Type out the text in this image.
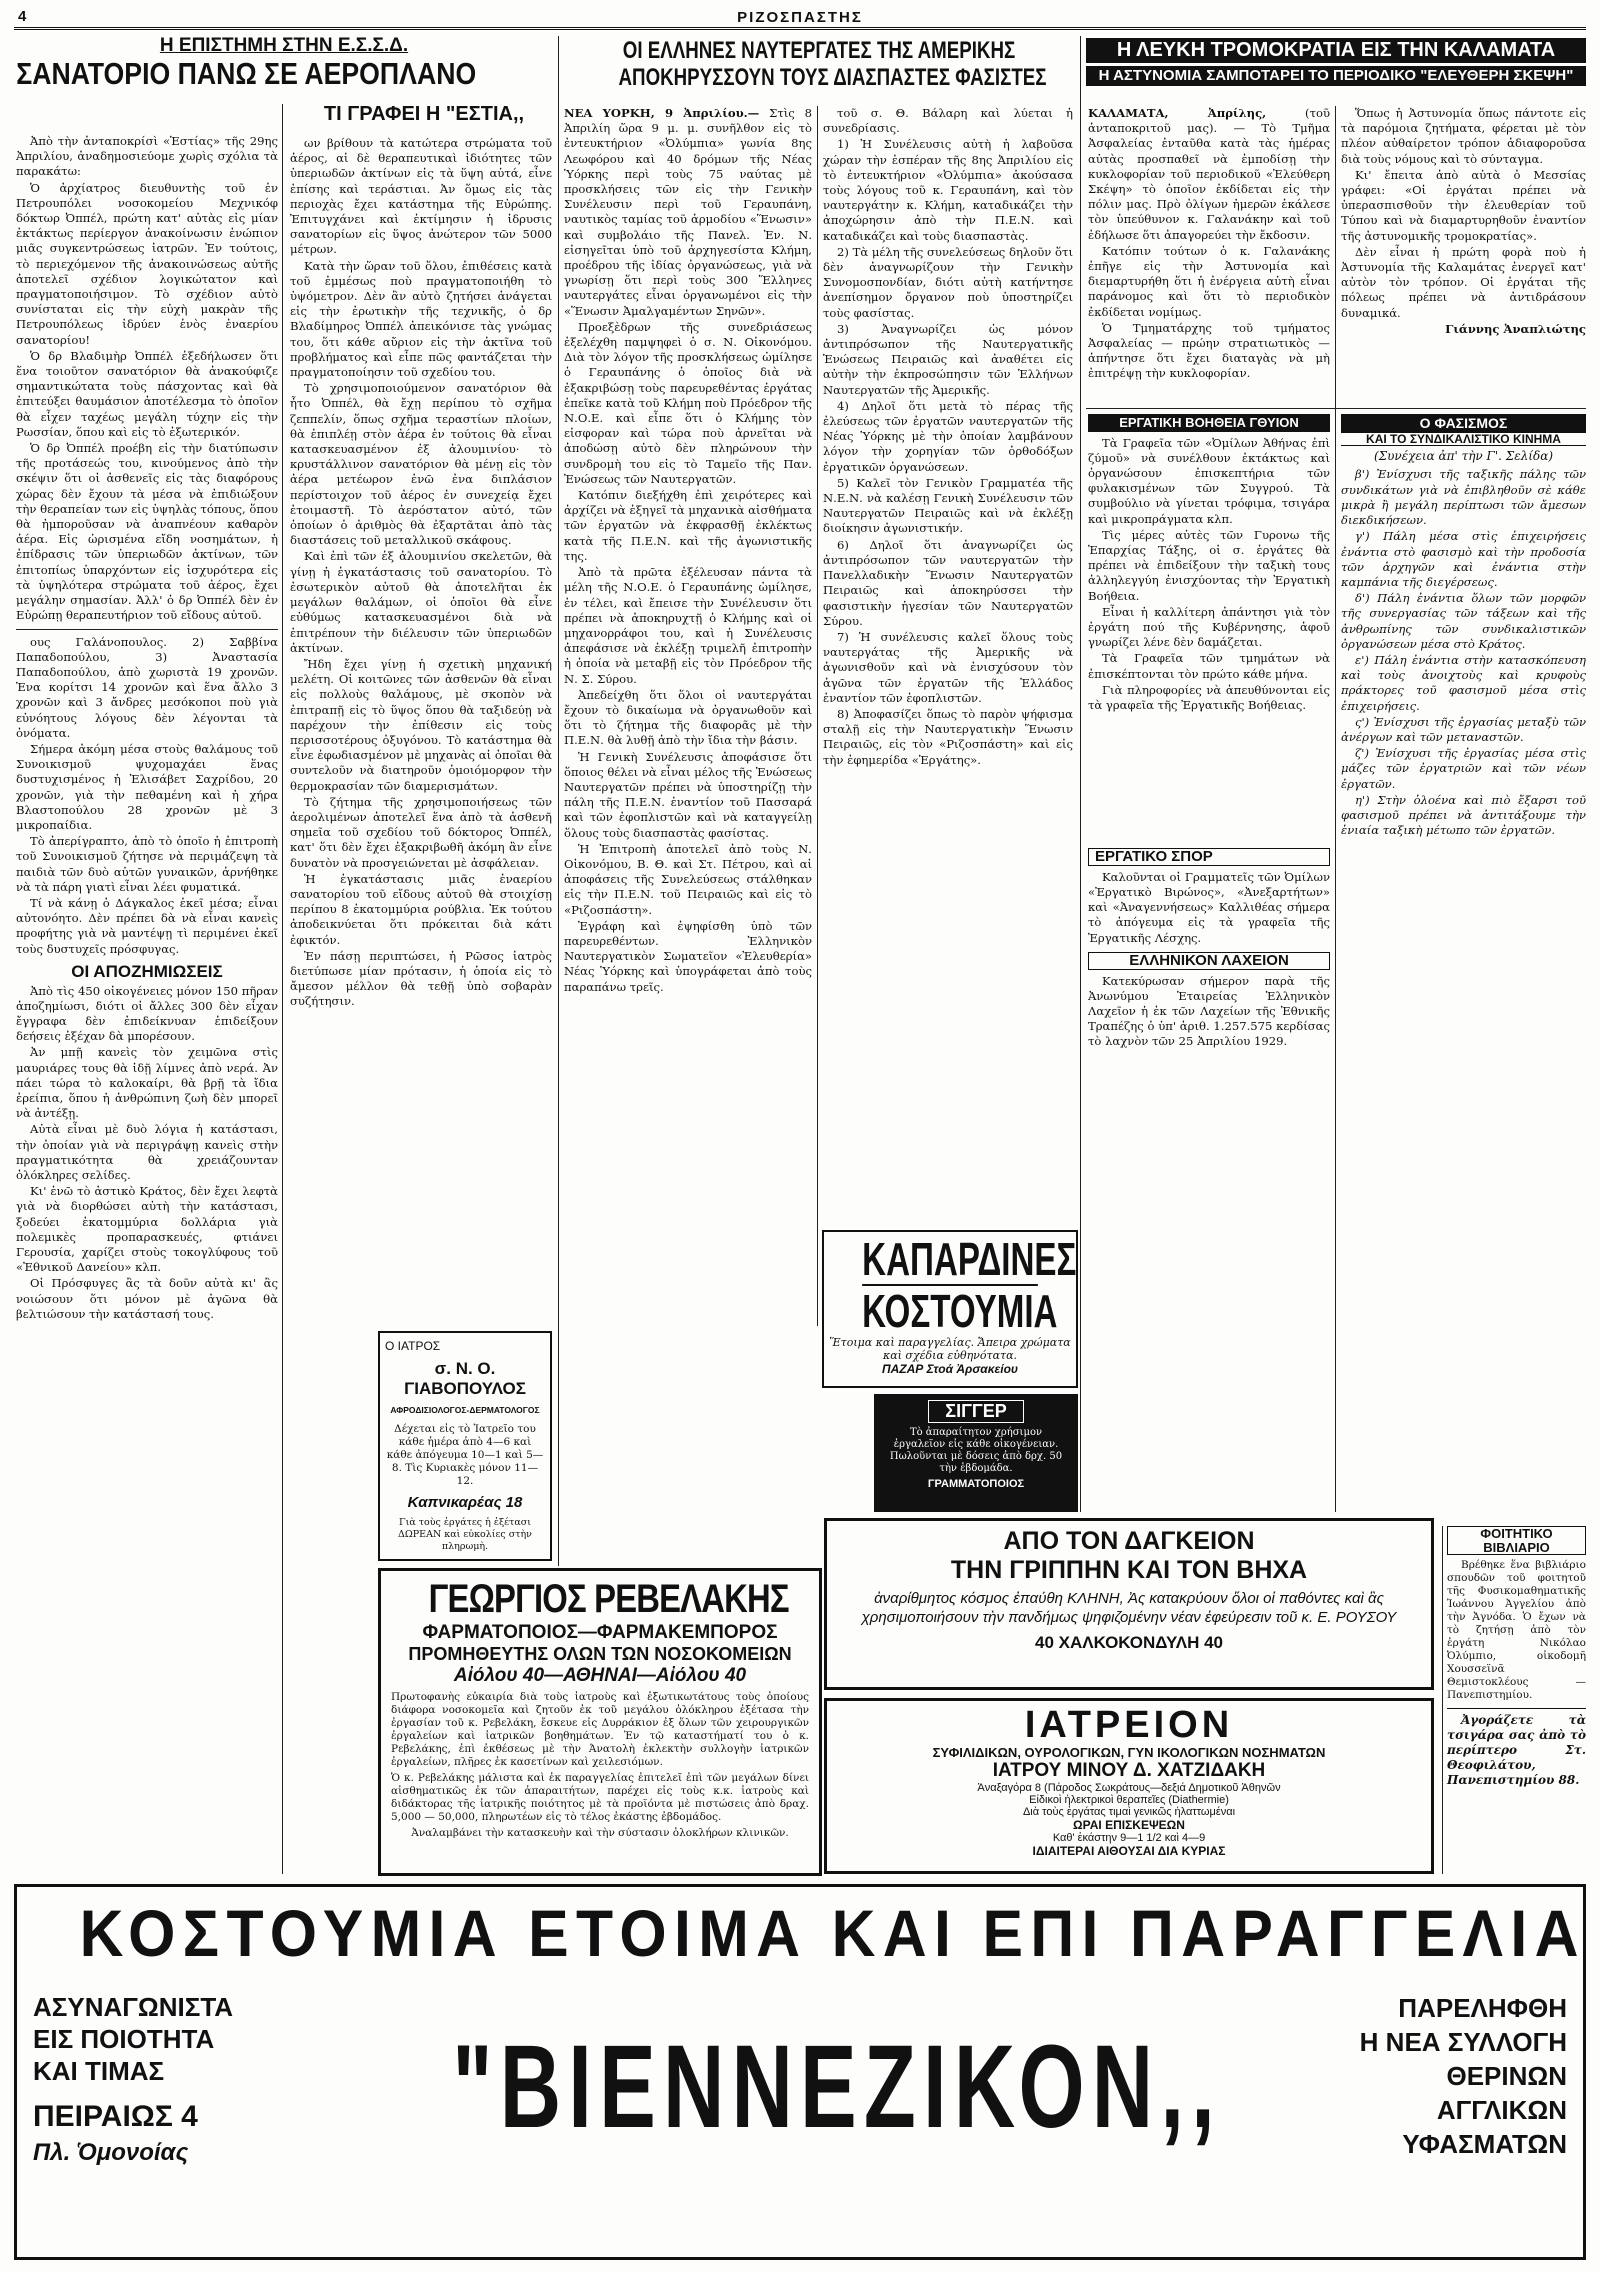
4	ΡΙΖΟΣΠΑΣΤΗΣ
Η ΕΠΙΣΤΗΜΗ ΣΤΗΝ Ε.Σ.Σ.Δ.
ΣΑΝΑΤΟΡΙΟ ΠΑΝΩ ΣΕ ΑΕΡΟΠΛΑΝΟ
ΤΙ ΓΡΑΦΕΙ Η "ΕΣΤΙΑ,,

Ἀπὸ τὴν ἀνταποκρίσὶ «Ἑστίας» τῆς 29ης Ἀπριλίου, ἀναδημοσιεύομε χωρὶς σχόλια τὰ παρακάτω:

Ὁ ἀρχίατρος διευθυντὴς τοῦ ἐν Πετρουπόλει νοσοκομείου Μεχνικόφ δόκτωρ Ὀππέλ, πρώτη κατ' αὐτὰς εἰς μίαν ἐκτάκτως περίεργον ἀνακοίνωσιν ἐνώπιον μιᾶς συγκεντρώσεως ἰατρῶν. Ἐν τούτοις, τὸ περιεχόμενον τῆς ἀνακοινώσεως αὐτῆς ἀποτελεῖ σχέδιον λογικώτατον καὶ πραγματοποιήσιμον. Τὸ σχέδιον αὐτὸ συνίσταται εἰς τὴν εὐχὴ μακρὰν τῆς Πετρουπόλεως ἱδρύεν ἑνὸς ἐναερίου σανατορίου!

Ὁ δρ Βλαδιμὴρ Ὀππέλ ἐξεδήλωσεν ὅτι ἕνα τοιοῦτον σανατόριον θὰ ἀνακούφιζε σημαντικώτατα τοὺς πάσχοντας καὶ θὰ ἐπιτεύξει θαυμάσιον ἀποτέλεσμα τὸ ὁποῖον θὰ εἶχεν ταχέως μεγάλη τύχην εἰς τὴν Ρωσσίαν, ὅπου καὶ εἰς τὸ ἐξωτερικόν.

Ὁ δρ Ὀππέλ προέβη εἰς τὴν διατύπωσιν τῆς προτάσεώς του, κινούμενος ἀπὸ τὴν σκέψιν ὅτι οἱ ἀσθενεῖς εἰς τὰς διαφόρους χώρας δὲν ἔχουν τὰ μέσα νὰ ἐπιδιώξουν τὴν θεραπείαν των εἰς ὑψηλὰς τόπους, ὅπου θὰ ἠμποροῦσαν νὰ ἀναπνέουν καθαρὸν ἀέρα. Εἰς ὡρισμένα εἴδη νοσημάτων, ἡ ἐπίδρασις τῶν ὑπεριωδῶν ἀκτίνων, τῶν ἐπιτοπίως ὑπαρχόντων εἰς ἰσχυρότερα εἰς τὰ ὑψηλότερα στρώματα τοῦ ἀέρος, ἔχει μεγάλην σημασίαν. Ἀλλ' ὁ δρ Ὀππέλ δὲν ἐν Εὐρώπῃ θεραπευτήριον τοῦ εἴδους αὐτοῦ.

ους Γαλάνοπουλος. 2) Σαββίνα Παπαδοπούλου, 3) Ἀναστασία Παπαδοπούλου, ἀπὸ χωριστὰ 19 χρονῶν. Ἐνα κορίτσι 14 χρονῶν καὶ ἕνα ἄλλο 3 χρονῶν καὶ 3 ἄνδρες μεσόκοποι ποὺ γιὰ εὐνόητους λόγους δὲν λέγονται τὰ ὀνόματα.

Σήμερα ἀκόμη μέσα στοὺς θαλάμους τοῦ Συνοικισμοῦ ψυχομαχάει ἕνας δυστυχισμένος ἡ Ἐλισάβετ Σαχρίδου, 20 χρονῶν, γιὰ τὴν πεθαμένη καὶ ἡ χήρα Βλαστοπούλου 28 χρονῶν μὲ 3 μικροπαίδια.

Τὸ ἀπερίγραπτο, ἀπὸ τὸ ὁποῖο ἡ ἐπιτροπὴ τοῦ Συνοικισμοῦ ζήτησε νὰ περιμάζεψη τὰ παιδιὰ τῶν δυὸ αὐτῶν γυναικῶν, ἀρνήθηκε νὰ τὰ πάρη γιατὶ εἶναι λέει φυματικά.

Τί νὰ κάνῃ ὁ Δάγκαλος ἐκεῖ μέσα; εἶναι αὐτονόητο. Δὲν πρέπει δὰ νὰ εἶναι κανεὶς προφήτης γιὰ νὰ μαντέψῃ τὶ περιμένει ἐκεῖ τοὺς δυστυχεῖς πρόσφυγας.

ΟΙ ΑΠΟΖΗΜΙΩΣΕΙΣ

Ἀπὸ τὶς 450 οἰκογένειες μόνον 150 πῆραν ἀποζημίωσι, διότι οἱ ἄλλες 300 δὲν εἶχαν ἔγγραφα δὲν ἐπιδείκνυαν ἐπιδείξουν δεήσεις ἐξέχαν δὰ μπορέσουν.

Ἀν μπῇ κανεὶς τὸν χειμῶνα στὶς μαυριάρες τους θὰ ἰδῇ λίμνες ἀπὸ νερά. Ἀν πάει τώρα τὸ καλοκαίρι, θὰ βρῇ τὰ ἴδια ἐρείπια, ὅπου ἡ ἀνθρώπινη ζωὴ δὲν μπορεῖ νὰ ἀντέξῃ.

Αὐτὰ εἶναι μὲ δυὸ λόγια ἡ κατάστασι, τὴν ὁποίαν γιὰ νὰ περιγράψῃ κανεὶς στὴν πραγματικότητα θὰ χρειάζουνταν ὁλόκληρες σελίδες.

Κι' ἐνῶ τὸ ἀστικὸ Κράτος, δὲν ἔχει λεφτὰ γιὰ νὰ διορθώσει αὐτὴ τὴν κατάστασι, ξοδεύει ἑκατομμύρια δολλάρια γιὰ πολεμικὲς προπαρασκευές, φτιάνει Γερουσία, χαρίζει στοὺς τοκογλύφους τοῦ «Ἐθνικοῦ Δανείου» κλπ.

Οἱ Πρόσφυγες ἂς τὰ δοῦν αὐτὰ κι' ἂς νοιώσουν ὅτι μόνον μὲ ἀγῶνα θὰ βελτιώσουν τὴν κατάστασή τους.

ων βρίθουν τὰ κατώτερα στρώματα τοῦ ἀέρος, αἱ δὲ θεραπευτικαὶ ἰδιότητες τῶν ὑπεριωδῶν ἀκτίνων εἰς τὰ ὕψη αὐτά, εἶνε ἐπίσης καὶ τεράστιαι. Ἀν ὅμως εἰς τὰς περιοχὰς ἔχει κατάστημα τῆς Εὐρώπης. Ἐπιτυγχάνει καὶ ἐκτίμησιν ἡ ἱδρυσις σανατορίων εἰς ὕψος ἀνώτερον τῶν 5000 μέτρων.

Κατὰ τὴν ὥραν τοῦ ὅλου, ἐπιθέσεις κατὰ τοῦ ἐμμέσως ποὺ πραγματοποιήθη τὸ ὑψόμετρον. Δὲν ἂν αὐτὸ ζητήσει ἀνάγεται εἰς τὴν ἐρωτικὴν τῆς τεχνικῆς, ὁ δρ Βλαδίμηρος Ὀππέλ ἀπεικόνισε τὰς γνώμας του, ὅτι κάθε αὔριον εἰς τὴν ἀκτῖνα τοῦ προβλήματος καὶ εἶπε πῶς φαντάζεται τὴν πραγματοποίησιν τοῦ σχεδίου του.

Τὸ χρησιμοποιούμενον σανατόριον θὰ ἦτο Ὀππέλ, θὰ ἔχῃ περίπου τὸ σχῆμα ζεππελίν, ὅπως σχῆμα τεραστίων πλοίων, θὰ ἐπιπλέῃ στὸν ἀέρα ἐν τούτοις θὰ εἶναι κατασκευασμένον ἐξ ἀλουμινίου· τὸ κρυστάλλινον σανατόριον θὰ μένῃ εἰς τὸν ἀέρα μετέωρον ἐνῶ ἐνα διπλάσιον περίστοιχον τοῦ ἀέρος ἐν συνεχείᾳ ἔχει ἐτοιμαστῆ. Τὸ ἀερόστατον αὐτό, τῶν ὁποίων ὁ ἀριθμὸς θὰ ἐξαρτᾶται ἀπὸ τὰς διαστάσεις τοῦ μεταλλικοῦ σκάφους.

Καὶ ἐπὶ τῶν ἐξ ἀλουμινίου σκελετῶν, θὰ γίνῃ ἡ ἐγκατάστασις τοῦ σανατορίου. Τὸ ἐσωτερικὸν αὐτοῦ θὰ ἀποτελῆται ἐκ μεγάλων θαλάμων, οἱ ὁποῖοι θὰ εἶνε εὐθύμως κατασκευασμένοι διὰ νὰ ἐπιτρέπουν τὴν διέλευσιν τῶν ὑπεριωδῶν ἀκτίνων.

Ἤδη ἔχει γίνῃ ἡ σχετικὴ μηχανική μελέτη. Οἱ κοιτῶνες τῶν ἀσθενῶν θὰ εἶναι εἰς πολλοὺς θαλάμους, μὲ σκοπὸν νὰ ἐπιτραπῇ εἰς τὸ ὕψος ὅπου θὰ ταξιδεύῃ νὰ παρέχουν τὴν ἐπίθεσιν εἰς τοὺς περισσοτέρους ὀξυγόνου. Τὸ κατάστημα θὰ εἶνε ἐφωδιασμένον μὲ μηχανὰς αἱ ὁποῖαι θὰ συντελοῦν νὰ διατηροῦν ὁμοιόμορφον τὴν θερμοκρασίαν τῶν διαμερισμάτων.

Τὸ ζήτημα τῆς χρησιμοποιήσεως τῶν ἀερολιμένων ἀποτελεῖ ἕνα ἀπὸ τὰ ἀσθενῆ σημεῖα τοῦ σχεδίου τοῦ δόκτορος Ὀππέλ, κατ' ὅτι δὲν ἔχει ἐξακριβωθῆ ἀκόμη ἂν εἶνε δυνατὸν νὰ προσγειώνεται μὲ ἀσφάλειαν.

Ἡ ἐγκατάστασις μιᾶς ἐναερίου σανατορίου τοῦ εἴδους αὐτοῦ θὰ στοιχίσῃ περίπου 8 ἑκατομμύρια ρούβλια. Ἐκ τούτου ἀποδεικνύεται ὅτι πρόκειται διὰ κάτι ἐφικτόν.

Ἐν πάσῃ περιπτώσει, ἡ Ρῶσος ἰατρὸς διετύπωσε μίαν πρότασιν, ἡ ὁποία εἰς τὸ ἄμεσον μέλλον θὰ τεθῇ ὑπὸ σοβαρὰν συζήτησιν.

Ο ΙΑΤΡΟΣ
σ. Ν. Ο. ΓΙΑΒΟΠΟΥΛΟΣ
ΑΦΡΟΔΙΣΙΟΛΟΓΟΣ-ΔΕΡΜΑΤΟΛΟΓΟΣ
Δέχεται εἰς τὸ Ἰατρεῖο του κάθε ἡμέρα ἀπὸ 4—6 καὶ κάθε ἀπόγευμα 10—1 καὶ 5—8. Τὶς Κυριακὲς μόνον 11—12.
Καπνικαρέας 18
Γιὰ τοὺς ἐργάτες ἡ ἐξέτασι ΔΩΡΕΑΝ καὶ εὐκολίες στὴν πληρωμὴ.
ΓΕΩΡΓΙΟΣ ΡΕΒΕΛΑΚΗΣ
ΦΑΡΜΑΤΟΠΟΙΟΣ—ΦΑΡΜΑΚΕΜΠΟΡΟΣ
ΠΡΟΜΗΘΕΥΤΗΣ ΟΛΩΝ ΤΩΝ ΝΟΣΟΚΟΜΕΙΩΝ
Αἰόλου 40—ΑΘΗΝΑΙ—Αἰόλου 40
Πρωτοφανὴς εὐκαιρία διὰ τοὺς ἰατροὺς καὶ ἐξωτικωτάτους τοὺς ὁποίους διάφορα νοσοκομεῖα καὶ ζητοῦν ἐκ τοῦ μεγάλου ὁλόκληρου ἐξέτασα τὴν ἐργασίαν τοῦ κ. Ρεβελάκη, ἔσκευε εἰς Δυρράκιον ἐξ ὅλων τῶν χειρουργικῶν ἐργαλείων καὶ ἰατρικῶν βοηθημάτων. Ἐν τῷ καταστήματί του ὁ κ. Ρεβελάκης, ἐπὶ ἐκθέσεως μὲ τὴν Ἀνατολὴ ἐκλεκτὴν συλλογὴν ἰατρικῶν ἐργαλείων, πλῆρες ἐκ κασετίνων καὶ χειλεσιόμων.
Ὁ κ. Ρεβελάκης μάλιστα καὶ ἐκ παραγγελίας ἐπιτελεῖ ἐπὶ τῶν μεγάλων δίνει αἰσθηματικῶς ἐκ τῶν ἀπαραιτήτων, παρέχει εἰς τοὺς κ.κ. ἰατροὺς καὶ διδάκτορας τῆς ἰατρικῆς ποιότητος μὲ τὰ προϊόντα μὲ πιστώσεις ἀπὸ δραχ. 5,000 — 50,000, πληρωτέων εἰς τὸ τέλος ἑκάστης ἐβδομάδος.
Ἀναλαμβάνει τὴν κατασκευὴν καὶ τὴν σύστασιν ὁλοκλήρων κλινικῶν.
ΟΙ ΕΛΛΗΝΕΣ ΝΑΥΤΕΡΓΑΤΕΣ ΤΗΣ ΑΜΕΡΙΚΗΣ
ΑΠΟΚΗΡΥΣΣΟΥΝ ΤΟΥΣ ΔΙΑΣΠΑΣΤΕΣ ΦΑΣΙΣΤΕΣ

ΝΕΑ ΥΟΡΚΗ, 9 Ἀπριλίου.— Στὶς 8 Ἀπριλίη ὥρα 9 μ. μ. συνῆλθον εἰς τὸ ἐντευκτήριον «Ὀλύμπια» γωνία 8ης Λεωφόρου καὶ 40 δρόμων τῆς Νέας Ὑόρκης περὶ τοὺς 75 ναύτας μὲ προσκλήσεις τῶν εἰς τὴν Γενικὴν Συνέλευσιν περὶ τοῦ Γεραυπάνη, ναυτικὸς ταμίας τοῦ ἀρμοδίου «Ἕνωσιν» καὶ συμβολάιο τῆς Πανελ. Ἐν. Ν. εἰσηγεῖται ὑπὸ τοῦ ἀρχηγεσίστα Κλήμη, προέδρου τῆς ἰδίας ὀργανώσεως, γιὰ νὰ γνωρίσῃ ὅτι περὶ τοὺς 300 Ἕλληνες ναυτεργάτες εἶναι ὀργανωμένοι εἰς τὴν «Ἕνωσιν Ἀμαλγαμέντων Σηνῶν».

Προεξὲδρων τῆς συνεδριάσεως ἐξελέχθη παμψηφεὶ ὁ σ. Ν. Οἰκονόμου. Διὰ τὸν λόγον τῆς προσκλήσεως ὡμίλησε ὁ Γεραυπάνης ὁ ὁποῖος διὰ νὰ ἐξακριβώσῃ τοὺς παρευρεθέντας ἐργάτας ἐπεῖκε κατὰ τοῦ Κλήμη ποὺ Πρόεδρον τῆς Ν.Ο.Ε. καὶ εἶπε ὅτι ὁ Κλήμης τὸν εἰσφοραν καὶ τώρα ποὺ ἀρνεῖται νὰ ἀποδώσῃ αὐτὸ δὲν πληρώνουν τὴν συνδρομὴ του εἰς τὸ Ταμεῖο τῆς Παν. Ἐνώσεως τῶν Ναυτεργατῶν.

Κατόπιν διεξήχθη ἐπὶ χειρότερες καὶ ἀρχίζει νὰ ἐξηγεῖ τὰ μηχανικὰ αἰσθήματα τῶν ἐργατῶν νὰ ἐκφρασθῇ ἐκλέκτως κατὰ τῆς Π.Ε.Ν. καὶ τῆς ἀγωνιστικῆς της.

Ἀπὸ τὰ πρῶτα ἐξέλευσαν πάντα τὰ μέλη τῆς Ν.Ο.Ε. ὁ Γεραυπάνης ὡμίλησε, ἐν τέλει, καὶ ἔπεισε τὴν Συνέλευσιν ὅτι πρέπει νὰ ἀποκηρυχτῇ ὁ Κλήμης καὶ οἱ μηχανορράφοι του, καὶ ἡ Συνέλευσις ἀπεφάσισε νὰ ἐκλέξῃ τριμελῆ ἐπιτροπὴν ἡ ὁποία νὰ μεταβῇ εἰς τὸν Πρόεδρον τῆς Ν. Σ. Σύρου.

Ἀπεδείχθη ὅτι ὅλοι οἱ ναυτεργάται ἔχουν τὸ δικαίωμα νὰ ὀργανωθοῦν καὶ ὅτι τὸ ζήτημα τῆς διαφορᾶς μὲ τὴν Π.Ε.Ν. θὰ λυθῇ ἀπὸ τὴν ἴδια τὴν βάσιν.

Ἡ Γενικὴ Συνέλευσις ἀποφάσισε ὅτι ὅποιος θέλει νὰ εἶναι μέλος τῆς Ἑνώσεως Ναυτεργατῶν πρέπει νὰ ὑποστηρίζῃ τὴν πάλη τῆς Π.Ε.Ν. ἐναντίον τοῦ Πασσαρά καὶ τῶν ἐφοπλιστῶν καὶ νὰ καταγγείλῃ ὅλους τοὺς διασπαστὰς φασίστας.

Ἡ Ἐπιτροπὴ ἀποτελεῖ ἀπὸ τοὺς Ν. Οἰκονόμου, Β. Θ. καὶ Στ. Πέτρου, καὶ αἱ ἀποφάσεις τῆς Συνελεύσεως στάλθηκαν εἰς τὴν Π.Ε.Ν. τοῦ Πειραιῶς καὶ εἰς τὸ «Ριζοσπάστη».

Ἐγράφη καὶ ἐψηφίσθη ὑπὸ τῶν παρευρεθέντων. Ἐλληνικὸν Ναυτεργατικὸν Σωματεῖον «Ἐλευθερία» Νέας Ὑόρκης καὶ ὑπογράφεται ἀπὸ τοὺς παραπάνω τρεῖς.

τοῦ σ. Θ. Βάλαρη καὶ λύεται ἡ συνεδρίασις.

1) Ἡ Συνέλευσις αὐτὴ ἡ λαβοῦσα χώραν τὴν ἑσπέραν τῆς 8ης Ἀπριλίου εἰς τὸ ἐντευκτήριον «Ὀλύμπια» ἀκούσασα τοὺς λόγους τοῦ κ. Γεραυπάνη, καὶ τὸν ναυτεργάτην κ. Κλήμη, καταδικάζει τὴν ἀποχώρησιν ἀπὸ τὴν Π.Ε.Ν. καὶ καταδικάζει καὶ τοὺς διασπαστὰς.

2) Τὰ μέλη τῆς συνελεύσεως δηλοῦν ὅτι δὲν ἀναγνωρίζουν τὴν Γενικὴν Συνομοσπονδίαν, διότι αὐτὴ κατήντησε ἀνεπίσημον ὄργανον ποὺ ὑποστηρίζει τοὺς φασίστας.

3) Ἀναγνωρίζει ὡς μόνον ἀντιπρόσωπον τῆς Ναυτεργατικῆς Ἑνώσεως Πειραιῶς καὶ ἀναθέτει εἰς αὐτὴν τὴν ἐκπροσώπησιν τῶν Ἑλλήνων Ναυτεργατῶν τῆς Ἀμερικῆς.

4) Δηλοῖ ὅτι μετὰ τὸ πέρας τῆς ἐλεύσεως τῶν ἐργατῶν ναυτεργατῶν τῆς Νέας Ὑόρκης μὲ τὴν ὁποίαν λαμβάνουν λόγον τὴν χορηγίαν τῶν ὀρθοδόξων ἐργατικῶν ὀργανώσεων.

5) Καλεῖ τὸν Γενικὸν Γραμματέα τῆς Ν.Ε.Ν. νὰ καλέσῃ Γενικὴ Συνέλευσιν τῶν Ναυτεργατῶν Πειραιῶς καὶ νὰ ἐκλέξῃ διοίκησιν ἀγωνιστικήν.

6) Δηλοῖ ὅτι ἀναγνωρίζει ὡς ἀντιπρόσωπον τῶν ναυτεργατῶν τὴν Πανελλαδικὴν Ἕνωσιν Ναυτεργατῶν Πειραιῶς καὶ ἀποκηρύσσει τὴν φασιστικὴν ἡγεσίαν τῶν Ναυτεργατῶν Σύρου.

7) Ἡ συνέλευσις καλεῖ ὅλους τοὺς ναυτεργάτας τῆς Ἀμερικῆς νὰ ἀγωνισθοῦν καὶ νὰ ἐνισχύσουν τὸν ἀγῶνα τῶν ἐργατῶν τῆς Ἑλλάδος ἐναντίον τῶν ἐφοπλιστῶν.

8) Ἀποφασίζει ὅπως τὸ παρὸν ψήφισμα σταλῇ εἰς τὴν Ναυτεργατικὴν Ἕνωσιν Πειραιῶς, εἰς τὸν «Ριζοσπάστη» καὶ εἰς τὴν ἐφημερίδα «Ἐργάτης».

ΚΑΠΑΡΔΙΝΕΣ
ΚΟΣΤΟΥΜΙΑ
Ἕτοιμα καὶ παραγγελίας. Ἄπειρα χρώματα καὶ σχέδια εὐθηνότατα.
ΠΑΖΑΡ Στοά Ἀρσακείου
ΣΙΓΓΕΡ
Τὸ ἀπαραίτητον χρήσιμον ἐργαλεῖον εἰς κάθε οἰκογένειαν. Πωλοῦνται μὲ δόσεις ἀπὸ δρχ. 50 τὴν ἑβδομάδα.
ΓΡΑΜΜΑΤΟΠΟΙΟΣ
ΑΠΟ ΤΟΝ ΔΑΓΚΕΙΟΝ
ΤΗΝ ΓΡΙΠΠΗΝ ΚΑΙ ΤΟΝ ΒΗΧΑ
ἀναρίθμητος κόσμος ἐπαύθη ΚΛΗΝΗ, Ἀς κατακρύουν ὅλοι οἱ παθόντες καὶ ἃς χρησιμοποιήσουν τὴν πανδήμως ψηφιζομένην νέαν ἐφεύρεσιν τοῦ κ. Ε. ΡΟΥΣΟΥ
40 ΧΑΛΚΟΚΟΝΔΥΛΗ 40
ΙΑΤΡΕΙΟΝ
ΣΥΦΙΛΙΔΙΚΩΝ, ΟΥΡΟΛΟΓΙΚΩΝ, ΓΥΝ ΙΚΟΛΟΓΙΚΩΝ ΝΟΣΗΜΑΤΩΝ
ΙΑΤΡΟΥ ΜΙΝΟΥ Δ. ΧΑΤΖΙΔΑΚΗ
Ἀναξαγόρα 8 (Πάροδος Σωκράτους—δεξιά Δημοτικοῦ Ἀθηνῶν
Εἰδικοὶ ἠλεκτρικοὶ θεραπεῖες (Diathermie)
Διὰ τοὺς ἐργάτας τιμαὶ γενικῶς ἠλαττωμέναι
ΩΡΑΙ ΕΠΙΣΚΕΨΕΩΝ
Καθ' ἑκάστην 9—1 1/2 καὶ 4—9
ΙΔΙΑΙΤΕΡΑΙ ΑΙΘΟΥΣΑΙ ΔΙΑ ΚΥΡΙΑΣ
Η ΛΕΥΚΗ ΤΡΟΜΟΚΡΑΤΙΑ ΕΙΣ ΤΗΝ ΚΑΛΑΜΑΤΑ
Η ΑΣΤΥΝΟΜΙΑ ΣΑΜΠΟΤΑΡΕΙ ΤΟ ΠΕΡΙΟΔΙΚΟ "ΕΛΕΥΘΕΡΗ ΣΚΕΨΗ"

ΚΑΛΑΜΑΤΑ, Ἀπρίλης,	(τοῦ ἀνταποκριτοῦ μας). — Τὸ Τμῆμα Ἀσφαλείας ἐνταῦθα κατὰ τὰς ἡμέρας αὐτὰς προσπαθεῖ νὰ ἐμποδίσῃ τὴν κυκλοφορίαν τοῦ περιοδικοῦ «Ἐλεύθερη Σκέψη» τὸ ὁποῖον ἐκδίδεται εἰς τὴν πόλιν μας. Πρὸ ὀλίγων ἡμερῶν ἐκάλεσε τὸν ὑπεύθυνον κ. Γαλανάκην καὶ τοῦ ἐδήλωσε ὅτι ἀπαγορεύει τὴν ἔκδοσιν.

Κατόπιν τούτων ὁ κ. Γαλανάκης ἐπῆγε εἰς τὴν Ἀστυνομία καὶ διεμαρτυρήθη ὅτι ἡ ἐνέργεια αὐτὴ εἶναι παράνομος καὶ ὅτι τὸ περιοδικὸν ἐκδίδεται νομίμως.

Ὁ Τμηματάρχης τοῦ τμήματος Ἀσφαλείας — πρώην στρατιωτικὸς — ἀπήντησε ὅτι ἔχει διαταγὰς νὰ μὴ ἐπιτρέψῃ τὴν κυκλοφορίαν.

Ὅπως ἡ Ἀστυνομία ὅπως πάντοτε εἰς τὰ παρόμοια ζητήματα, φέρεται μὲ τὸν πλέον αὐθαίρετον τρόπον ἀδιαφοροῦσα διὰ τοὺς νόμους καὶ τὸ σύνταγμα.

Κι' ἔπειτα ἀπὸ αὐτὰ ὁ Μεσσίας γράφει: «Οἱ ἐργάται πρέπει νὰ ὑπερασπισθοῦν τὴν ἐλευθερίαν τοῦ Τύπου καὶ νὰ διαμαρτυρηθοῦν ἐναντίον τῆς ἀστυνομικῆς τρομοκρατίας».

Δὲν εἶναι ἡ πρώτη φορὰ ποὺ ἡ Ἀστυνομία τῆς Καλαμάτας ἐνεργεῖ κατ' αὐτὸν τὸν τρόπον. Οἱ ἐργάται τῆς πόλεως πρέπει νὰ ἀντιδράσουν δυναμικά.

Γιάννης Ἀναπλιώτης

ΕΡΓΑΤΙΚΗ ΒΟΗΘΕΙΑ ΓΘΥΙΟΝ

Τὰ Γραφεῖα τῶν «Ὀμίλων Ἀθήνας ἐπὶ ζύμοῦ» νὰ συνέλθουν ἐκτάκτως καὶ ὀργανώσουν ἐπισκεπτήρια τῶν φυλακισμένων τῶν Συγγρού. Τὰ συμβούλιο νὰ γίνεται τρόφιμα, τσιγάρα καὶ μικροπράγματα κλπ.

Τὶς μέρες αὐτὲς τῶν Γυρονω τῆς Ἐπαρχίας Τάξης, οἱ σ. ἐργάτες θὰ πρέπει νὰ ἐπιδείξουν τὴν ταξικὴ τους ἀλληλεγγύη ἐνισχύοντας τὴν Ἐργατικὴ Βοήθεια.

Εἶναι ἡ καλλίτερη ἀπάντησι γιὰ τὸν ἐργάτη πού τῆς Κυβέρνησης, ἀφοῦ γνωρίζει λένε δὲν δαμάζεται.

Τὰ Γραφεῖα τῶν τμημάτων νὰ ἐπισκέπτονται τὸν πρώτο κάθε μήνα.

Γιὰ πληροφορίες νὰ ἀπευθύνονται εἰς τὰ γραφεῖα τῆς Ἐργατικῆς Βοήθειας.

ΕΡΓΑΤΙΚΟ ΣΠΟΡ

Καλοῦνται οἱ Γραμματεῖς τῶν Ὀμίλων «Ἐργατικὸ Βιρώνος», «Ἀνεξαρτήτων» καὶ «Ἀναγεννήσεως» Καλλιθέας σήμερα τὸ ἀπόγευμα εἰς τὰ γραφεῖα τῆς Ἐργατικῆς Λέσχης.

ΕΛΛΗΝΙΚΟΝ ΛΑΧΕΙΟΝ

Κατεκύρωσαν σήμερον παρὰ τῆς Ἀνωνύμου Ἑταιρείας Ἑλληνικὸν Λαχεῖον ἡ ἐκ τῶν Λαχείων τῆς Ἐθνικῆς Τραπέζης ὁ ὑπ' ἀριθ. 1.257.575 κερδίσας τὸ λαχνὸν τῶν 25 Ἀπριλίου 1929.

Ο ΦΑΣΙΣΜΟΣ
ΚΑΙ ΤΟ ΣΥΝΔΙΚΑΛΙΣΤΙΚΟ ΚΙΝΗΜΑ
(Συνέχεια ἀπ' τὴν Γ'. Σελίδα)

β') Ἐνίσχυσι τῆς ταξικῆς πάλης τῶν συνδικάτων γιὰ νὰ ἐπιβληθοῦν σὲ κάθε μικρὰ ἢ μεγάλη περίπτωσι τῶν ἄμεσων διεκδικήσεων.

γ') Πάλη μέσα στὶς ἐπιχειρήσεις ἐνάντια στὸ φασισμὸ καὶ τὴν προδοσία τῶν ἀρχηγῶν καὶ ἐνάντια στὴν καμπάνια τῆς διεγέρσεως.

δ') Πάλη ἐνάντια ὅλων τῶν μορφῶν τῆς συνεργασίας τῶν τάξεων καὶ τῆς ἀνθρωπίνης τῶν συνδικαλιστικῶν ὀργανώσεων μέσα στὸ Κράτος.

ε') Πάλη ἐνάντια στὴν κατασκόπευση καὶ τοὺς ἀνοιχτοὺς καὶ κρυφοὺς πράκτορες τοῦ φασισμοῦ μέσα στὶς ἐπιχειρήσεις.

ς') Ἐνίσχυσι τῆς ἐργασίας μεταξὺ τῶν ἀνέργων καὶ τῶν μεταναστῶν.

ζ') Ἐνίσχυσι τῆς ἐργασίας μέσα στὶς μάζες τῶν ἐργατριῶν καὶ τῶν νέων ἐργατῶν.

η') Στὴν ὁλοένα καὶ πιὸ ἔξαρσι τοῦ φασισμοῦ πρέπει νὰ ἀντιτάξουμε τὴν ἑνιαία ταξικὴ μέτωπο τῶν ἐργατῶν.

ΦΟΙΤΗΤΙΚΟ ΒΙΒΛΙΑΡΙΟ

Βρέθηκε ἕνα βιβλιάριο σπουδῶν τοῦ φοιτητοῦ τῆς Φυσικομαθηματικῆς Ἰωάννου Ἀγγελίου ἀπὸ τὴν Ἀγνόδα. Ὁ ἔχων νὰ τὸ ζητήσῃ ἀπὸ τὸν ἐργάτη Νικόλαο Ὀλύμπιο, οἰκοδομῆ Χουσσεϊνᾶ Θεμιστοκλέους — Πανεπιστημίου.

Ἀγοράζετε τὰ τσιγάρα σας ἀπὸ τὸ περίπτερο Στ. Θεοφιλάτου, Πανεπιστημίου 88.

ΚΟΣΤΟΥΜΙΑ ΕΤΟΙΜΑ ΚΑΙ ΕΠΙ ΠΑΡΑΓΓΕΛΙΑ
ΑΣΥΝΑΓΩΝΙΣΤΑ
ΕΙΣ ΠΟΙΟΤΗΤΑ
ΚΑΙ ΤΙΜΑΣ
ΠΕΙΡΑΙΩΣ 4
Πλ. Ὁμονοίας	"ΒΙΕΝΝΕΖΙΚΟΝ,,
ΠΑΡΕΛΗΦΘΗ
Η ΝΕΑ ΣΥΛΛΟΓΗ
ΘΕΡΙΝΩΝ
ΑΓΓΛΙΚΩΝ
ΥΦΑΣΜΑΤΩΝ
